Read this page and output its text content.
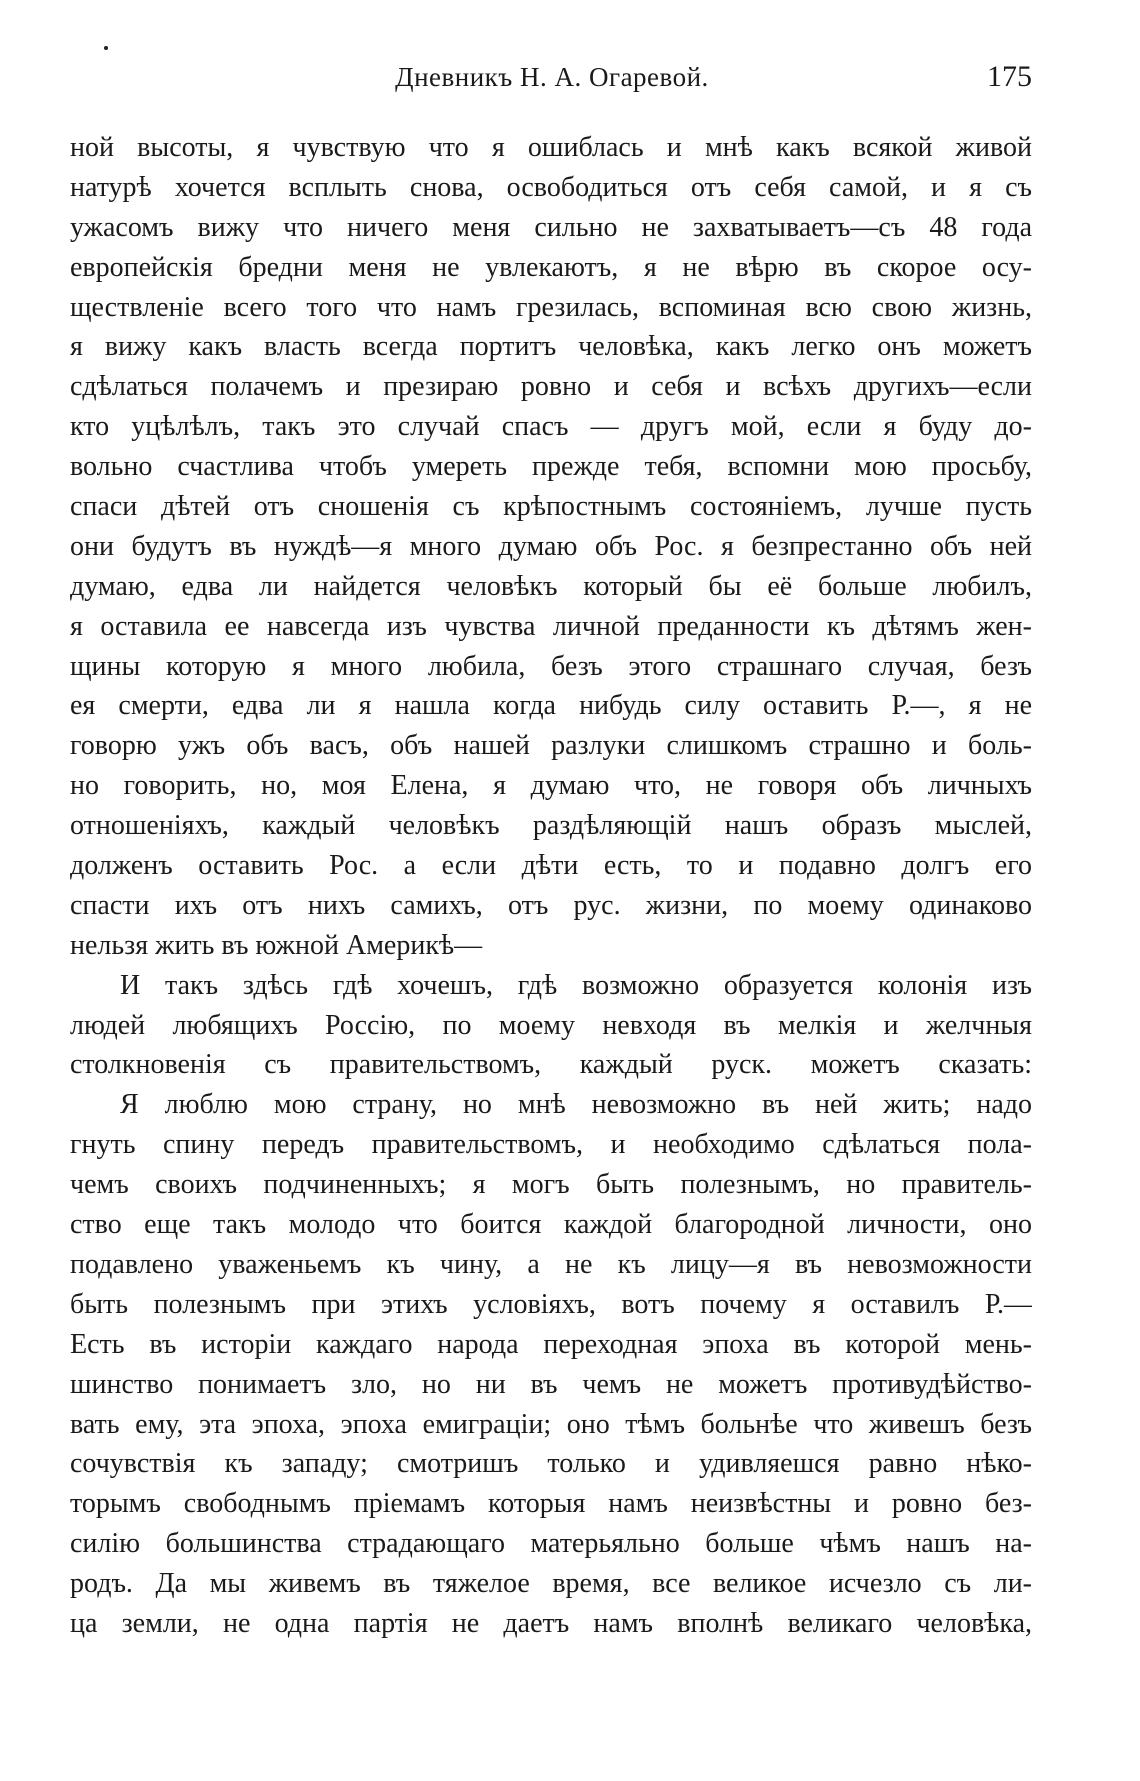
Дневникъ Н. А. Огаревой.	175
ной высоты, я чувствую что я ошиблась и мнѣ какъ всякой живой
натурѣ хочется всплыть снова, освободиться отъ себя самой, и я съ
ужасомъ вижу что ничего меня сильно не захватываетъ—съ 48 года
европейскія бредни меня не увлекаютъ, я не вѣрю въ скорое осу-
ществленіе всего того что намъ грезилась, вспоминая всю свою жизнь,
я вижу какъ власть всегда портитъ человѣка, какъ легко онъ можетъ
сдѣлаться полачемъ и презираю ровно и себя и всѣхъ другихъ—если
кто уцѣлѣлъ, такъ это случай спасъ — другъ мой, если я буду до-
вольно счастлива чтобъ умереть прежде тебя, вспомни мою просьбу,
спаси дѣтей отъ сношенія съ крѣпостнымъ состояніемъ, лучше пусть
они будутъ въ нуждѣ—я много думаю объ Рос. я безпрестанно объ ней
думаю, едва ли найдется человѣкъ который бы её больше любилъ,
я оставила ее навсегда изъ чувства личной преданности къ дѣтямъ жен-
щины которую я много любила, безъ этого страшнаго случая, безъ
ея смерти, едва ли я нашла когда нибудь силу оставить Р.—, я не
говорю ужъ объ васъ, объ нашей разлуки слишкомъ страшно и боль-
но говорить, но, моя Елена, я думаю что, не говоря объ личныхъ
отношеніяхъ, каждый человѣкъ раздѣляющій нашъ образъ мыслей,
долженъ оставить Рос. а если дѣти есть, то и подавно долгъ его
спасти ихъ отъ нихъ самихъ, отъ рус. жизни, по моему одинаково
нельзя жить въ южной Америкѣ—
И такъ здѣсь гдѣ хочешъ, гдѣ возможно образуется колонія изъ
людей любящихъ Россію, по моему невходя въ мелкія и желчныя
столкновенія съ правительствомъ, каждый руск. можетъ сказать:
Я люблю мою страну, но мнѣ невозможно въ ней жить; надо
гнуть спину передъ правительствомъ, и необходимо сдѣлаться пола-
чемъ своихъ подчиненныхъ; я могъ быть полезнымъ, но правитель-
ство еще такъ молодо что боится каждой благородной личности, оно
подавлено уваженьемъ къ чину, а не къ лицу—я въ невозможности
быть полезнымъ при этихъ условіяхъ, вотъ почему я оставилъ Р.—
Есть въ исторіи каждаго народа переходная эпоха въ которой мень-
шинство понимаетъ зло, но ни въ чемъ не можетъ противудѣйство-
вать ему, эта эпоха, эпоха емиграціи; оно тѣмъ больнѣе что живешъ безъ
сочувствія къ западу; смотришъ только и удивляешся равно нѣко-
торымъ свободнымъ пріемамъ которыя намъ неизвѣстны и ровно без-
силію большинства страдающаго матерьяльно больше чѣмъ нашъ на-
родъ. Да мы живемъ въ тяжелое время, все великое исчезло съ ли-
ца земли, не одна партія не даетъ намъ вполнѣ великаго человѣка,
